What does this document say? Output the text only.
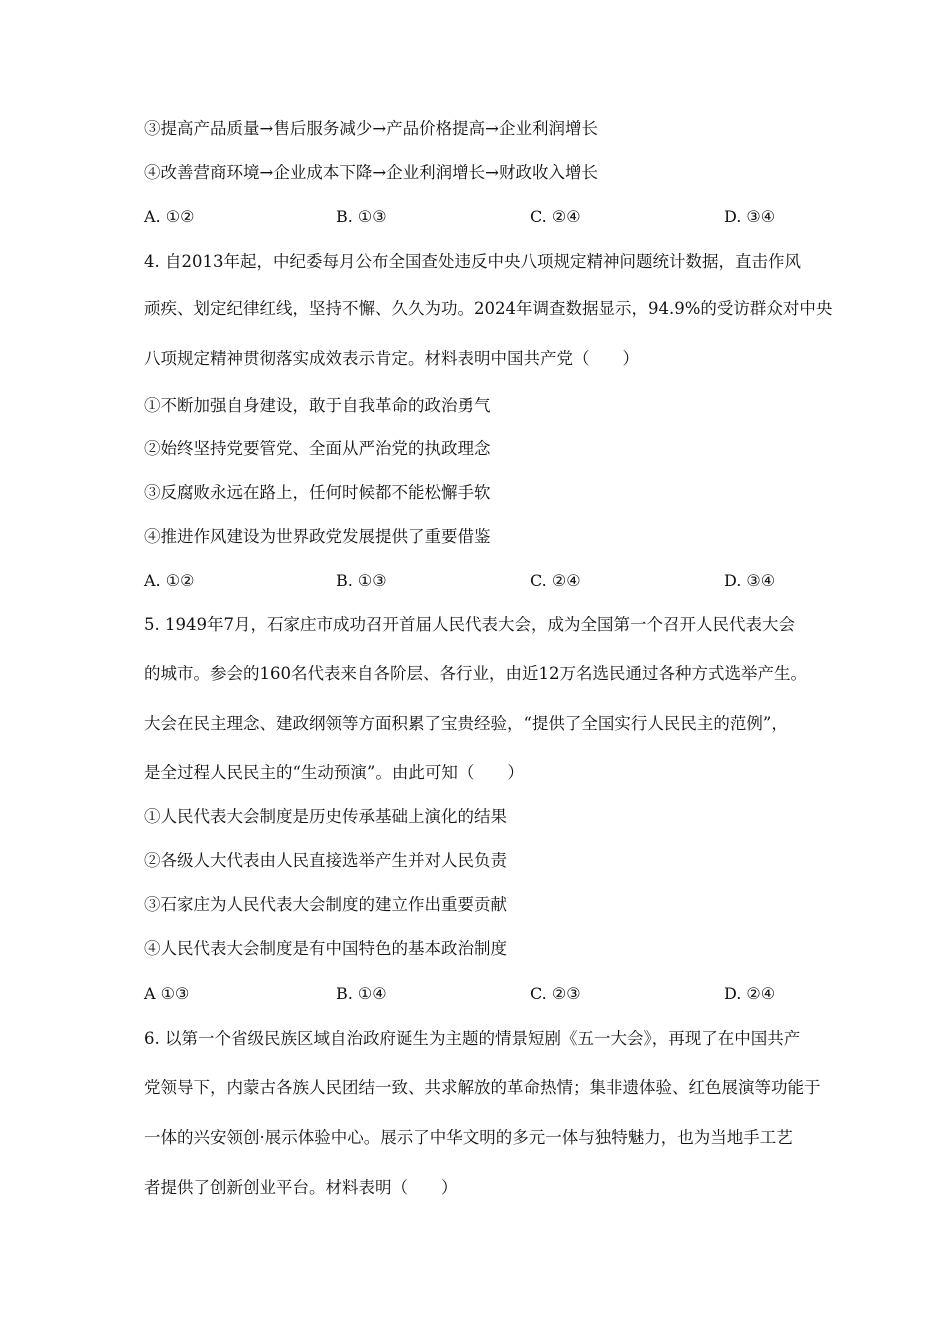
③提高产品质量→售后服务减少→产品价格提高→企业利润增长
④改善营商环境→企业成本下降→企业利润增长→财政收入增长
A. ①②	B. ①③	C. ②④	D. ③④
4. 自2013年起，中纪委每月公布全国查处违反中央八项规定精神问题统计数据，直击作风
顽疾、划定纪律红线，坚持不懈、久久为功。2024年调查数据显示，94.9%的受访群众对中央
八项规定精神贯彻落实成效表示肯定。材料表明中国共产党（　　）
①不断加强自身建设，敢于自我革命的政治勇气
②始终坚持党要管党、全面从严治党的执政理念
③反腐败永远在路上，任何时候都不能松懈手软
④推进作风建设为世界政党发展提供了重要借鉴
A. ①②	B. ①③	C. ②④	D. ③④
5. 1949年7月，石家庄市成功召开首届人民代表大会，成为全国第一个召开人民代表大会
的城市。参会的160名代表来自各阶层、各行业，由近12万名选民通过各种方式选举产生。
大会在民主理念、建政纲领等方面积累了宝贵经验，“提供了全国实行人民民主的范例”，
是全过程人民民主的“生动预演”。由此可知（　　）
①人民代表大会制度是历史传承基础上演化的结果
②各级人大代表由人民直接选举产生并对人民负责
③石家庄为人民代表大会制度的建立作出重要贡献
④人民代表大会制度是有中国特色的基本政治制度
A ①③	B. ①④	C. ②③	D. ②④
6. 以第一个省级民族区域自治政府诞生为主题的情景短剧《五一大会》，再现了在中国共产
党领导下，内蒙古各族人民团结一致、共求解放的革命热情；集非遗体验、红色展演等功能于
一体的兴安领创·展示体验中心。展示了中华文明的多元一体与独特魅力，也为当地手工艺
者提供了创新创业平台。材料表明（　　）
